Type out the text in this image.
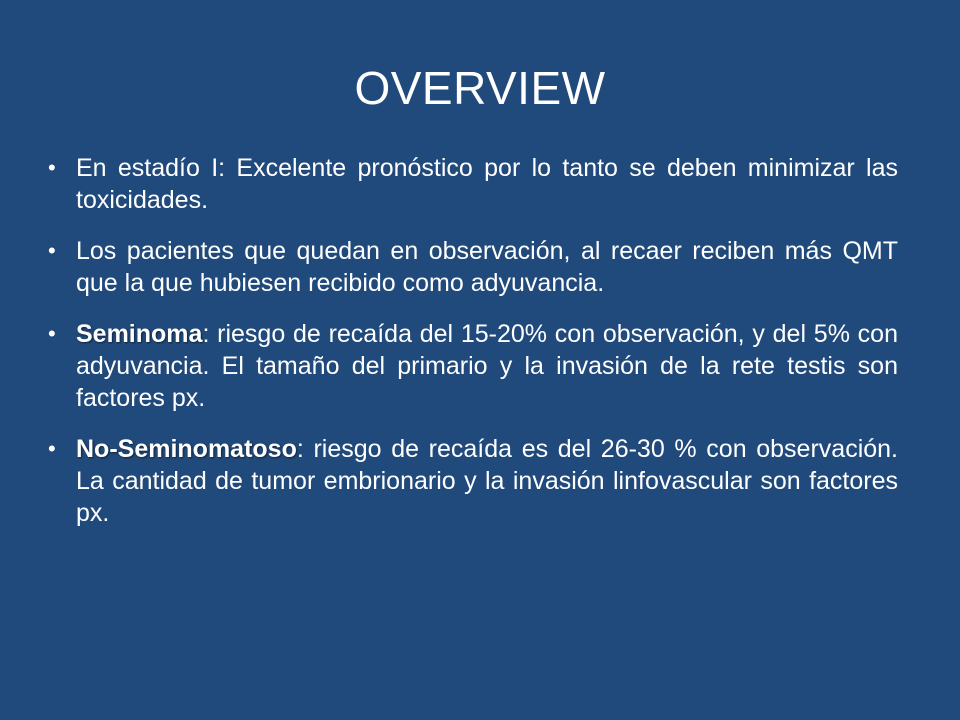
OVERVIEW
• En estadío I: Excelente pronóstico por lo tanto se deben minimizar las toxicidades.
• Los pacientes que quedan en observación, al recaer reciben más QMT que la que hubiesen recibido como adyuvancia.
• Seminoma: riesgo de recaída del 15-20% con observación, y del 5% con adyuvancia. El tamaño del primario y la invasión de la rete testis son factores px.
• No-Seminomatoso: riesgo de recaída es del 26-30 % con observación. La cantidad de tumor embrionario y la invasión linfovascular son factores px.
